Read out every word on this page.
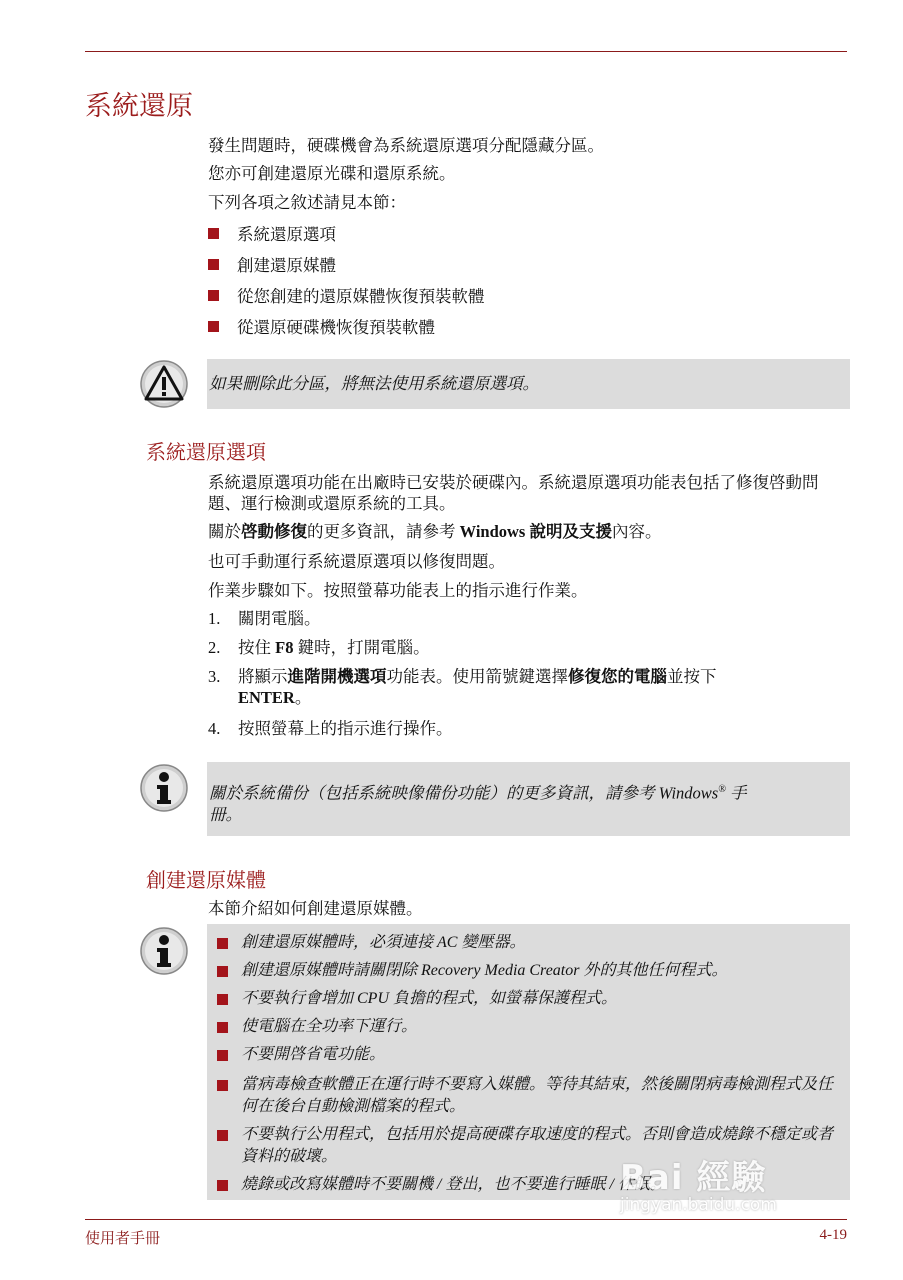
系統還原
發生問題時，硬碟機會為系統還原選項分配隱藏分區。
您亦可創建還原光碟和還原系統。
下列各項之敘述請見本節：
系統還原選項
創建還原媒體
從您創建的還原媒體恢復預裝軟體
從還原硬碟機恢復預裝軟體
如果刪除此分區，將無法使用系統還原選項。
系統還原選項
系統還原選項功能在出廠時已安裝於硬碟內。系統還原選項功能表包括了修復啓動問題、運行檢測或還原系統的工具。
關於啓動修復的更多資訊，請參考 Windows 說明及支援內容。
也可手動運行系統還原選項以修復問題。
作業步驟如下。按照螢幕功能表上的指示進行作業。
1. 關閉電腦。
2. 按住 F8 鍵時，打開電腦。
3. 將顯示進階開機選項功能表。使用箭號鍵選擇修復您的電腦並按下
ENTER。
4. 按照螢幕上的指示進行操作。
關於系統備份（包括系統映像備份功能）的更多資訊，請參考 Windows® 手
冊。
創建還原媒體
本節介紹如何創建還原媒體。
創建還原媒體時，必須連接 AC 變壓器。
創建還原媒體時請關閉除 Recovery Media Creator 外的其他任何程式。
不要執行會增加 CPU 負擔的程式，如螢幕保護程式。
使電腦在全功率下運行。
不要開啓省電功能。
當病毒檢查軟體正在運行時不要寫入媒體。等待其結束，然後關閉病毒檢測程式及任何在後台自動檢測檔案的程式。
不要執行公用程式，包括用於提高硬碟存取速度的程式。否則會造成燒錄不穩定或者資料的破壞。
燒錄或改寫媒體時不要關機 / 登出，也不要進行睡眠 / 休眠。
Bai 經驗
jingyan.baidu.com
使用者手冊	4-19
